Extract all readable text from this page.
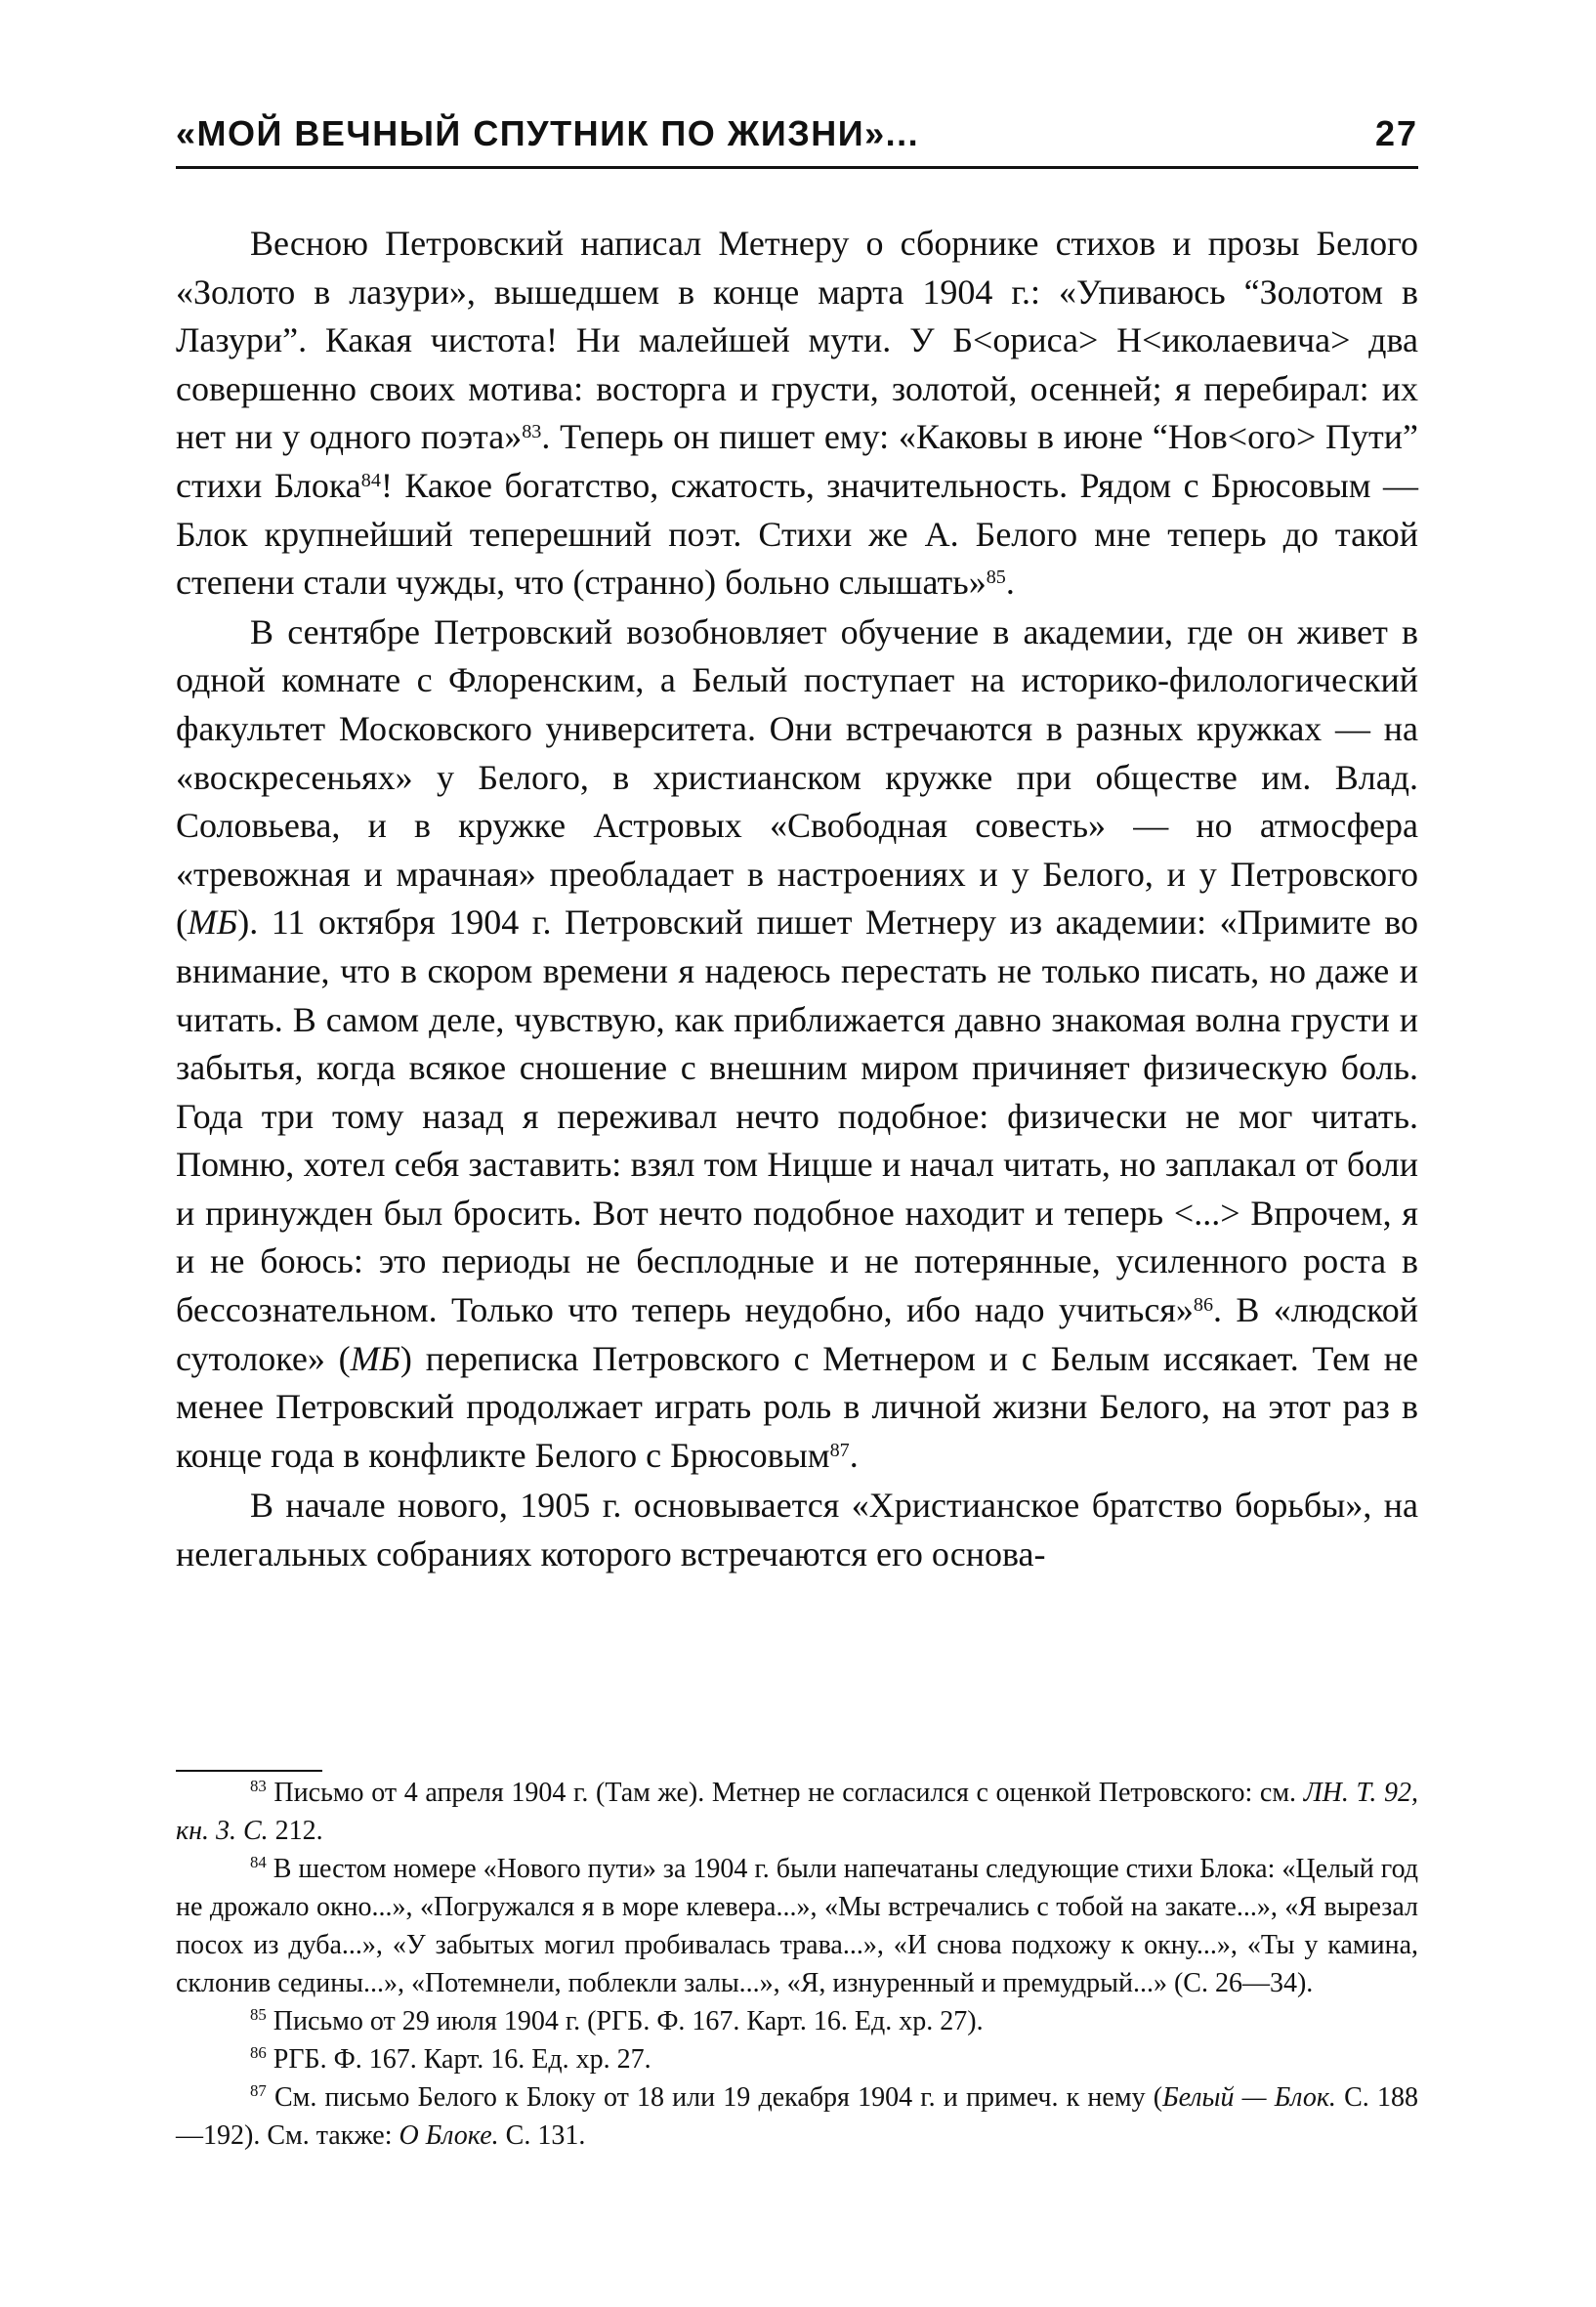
«МОЙ ВЕЧНЫЙ СПУТНИК ПО ЖИЗНИ»...	27

Весною Петровский написал Метнеру о сборнике стихов и прозы Белого «Золото в лазури», вышедшем в конце марта 1904 г.: «Упиваюсь “Золотом в Лазури”. Какая чистота! Ни малейшей мути. У Б<ориса> Н<иколаевича> два совершенно своих мотива: восторга и грусти, золотой, осенней; я перебирал: их нет ни у одного поэта»$^{83}$. Теперь он пишет ему: «Каковы в июне “Нов<ого> Пути” стихи Блока$^{84}$! Какое богатство, сжатость, значительность. Рядом с Брюсовым — Блок крупнейший теперешний поэт. Стихи же А. Белого мне теперь до такой степени стали чужды, что (странно) больно слышать»$^{85}$.

В сентябре Петровский возобновляет обучение в академии, где он живет в одной комнате с Флоренским, а Белый поступает на историко-филологический факультет Московского университета. Они встречаются в разных кружках — на «воскресеньях» у Белого, в христианском кружке при обществе им. Влад. Соловьева, и в кружке Астровых «Свободная совесть» — но атмосфера «тревожная и мрачная» преобладает в настроениях и у Белого, и у Петровского (МБ). 11 октября 1904 г. Петровский пишет Метнеру из академии: «Примите во внимание, что в скором времени я надеюсь перестать не только писать, но даже и читать. В самом деле, чувствую, как приближается давно знакомая волна грусти и забытья, когда всякое сношение с внешним миром причиняет физическую боль. Года три тому назад я переживал нечто подобное: физически не мог читать. Помню, хотел себя заставить: взял том Ницше и начал читать, но заплакал от боли и принужден был бросить. Вот нечто подобное находит и теперь <...> Впрочем, я и не боюсь: это периоды не бесплодные и не потерянные, усиленного роста в бессознательном. Только что теперь неудобно, ибо надо учиться»$^{86}$. В «людской сутолоке» (МБ) переписка Петровского с Метнером и с Белым иссякает. Тем не менее Петровский продолжает играть роль в личной жизни Белого, на этот раз в конце года в конфликте Белого с Брюсовым$^{87}$.

В начале нового, 1905 г. основывается «Христианское братство борьбы», на нелегальных собраниях которого встречаются его основа-

$^{83}$ Письмо от 4 апреля 1904 г. (Там же). Метнер не согласился с оценкой Петровского: см. ЛН. Т. 92, кн. 3. С. 212.

$^{84}$ В шестом номере «Нового пути» за 1904 г. были напечатаны следующие стихи Блока: «Целый год не дрожало окно...», «Погружался я в море клевера...», «Мы встречались с тобой на закате...», «Я вырезал посох из дуба...», «У забытых могил пробивалась трава...», «И снова подхожу к окну...», «Ты у камина, склонив седины...», «Потемнели, поблекли залы...», «Я, изнуренный и премудрый...» (С. 26—34).

$^{85}$ Письмо от 29 июля 1904 г. (РГБ. Ф. 167. Карт. 16. Ед. хр. 27).

$^{86}$ РГБ. Ф. 167. Карт. 16. Ед. хр. 27.

$^{87}$ См. письмо Белого к Блоку от 18 или 19 декабря 1904 г. и примеч. к нему (Белый — Блок. С. 188—192). См. также: О Блоке. С. 131.
